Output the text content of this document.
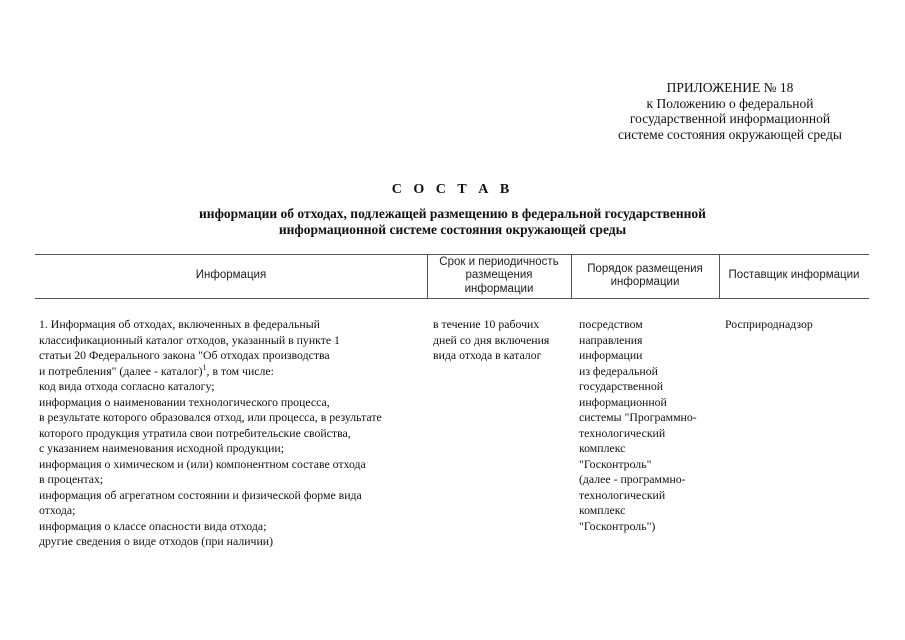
ПРИЛОЖЕНИЕ № 18
к Положению о федеральной
государственной информационной
системе состояния окружающей среды
С О С Т А В
информации об отходах, подлежащей размещению в федеральной государственной
информационной системе состояния окружающей среды
Информация
Срок и периодичность
размещения
информации
Порядок размещения
информации
Поставщик информации
1. Информация об отходах, включенных в федеральный
классификационный каталог отходов, указанный в пункте 1
статьи 20 Федерального закона "Об отходах производства
и потребления" (далее - каталог)$^1$, в том числе:
код вида отхода согласно каталогу;
информация о наименовании технологического процесса,
в результате которого образовался отход, или процесса, в результате
которого продукция утратила свои потребительские свойства,
с указанием наименования исходной продукции;
информация о химическом и (или) компонентном составе отхода
в процентах;
информация об агрегатном состоянии и физической форме вида
отхода;
информация о классе опасности вида отхода;
другие сведения о виде отходов (при наличии)
в течение 10 рабочих
дней со дня включения
вида отхода в каталог
посредством
направления
информации
из федеральной
государственной
информационной
системы "Программно-
технологический
комплекс
"Госконтроль"
(далее - программно-
технологический
комплекс
"Госконтроль")
Росприроднадзор
